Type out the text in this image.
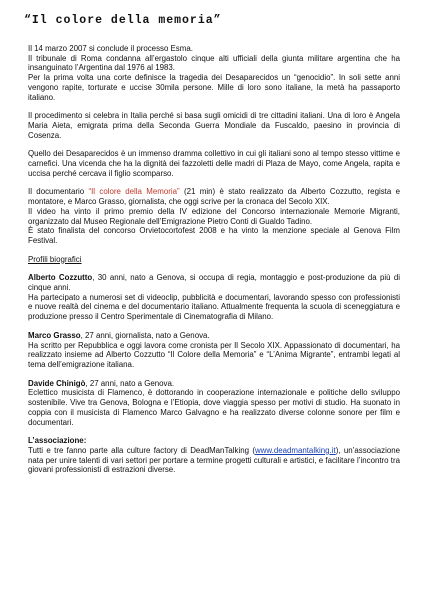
“Il colore della memoria”

Il 14 marzo 2007 si conclude il processo Esma.

Il tribunale di Roma condanna all’ergastolo cinque alti ufficiali della giunta militare argentina che ha insanguinato l’Argentina dal 1976 al 1983.

Per la prima volta una corte definisce la tragedia dei Desaparecidos un “genocidio”. In soli sette anni vengono rapite, torturate e uccise 30mila persone. Mille di loro sono italiane, la metà ha passaporto italiano.

Il procedimento si celebra in Italia perché si basa sugli omicidi di tre cittadini italiani. Una di loro è Angela Maria Aieta, emigrata prima della Seconda Guerra Mondiale da Fuscaldo, paesino in provincia di Cosenza.

Quello dei Desaparecidos è un immenso dramma collettivo in cui gli italiani sono al tempo stesso vittime e carnefici. Una vicenda che ha la dignità dei fazzoletti delle madri di Plaza de Mayo, come Angela, rapita e uccisa perché cercava il figlio scomparso.

Il documentario “Il colore della Memoria” (21 min) è stato realizzato da Alberto Cozzutto, regista e montatore, e Marco Grasso, giornalista, che oggi scrive per la cronaca del Secolo XIX.

Il video ha vinto il primo premio della IV edizione del Concorso internazionale Memorie Migranti, organizzato dal Museo Regionale dell’Emigrazione Pietro Conti di Gualdo Tadino.

È stato finalista del concorso Orvietocortofest 2008 e ha vinto la menzione speciale al Genova Film Festival.

Profili biografici

Alberto Cozzutto, 30 anni, nato a Genova, si occupa di regia, montaggio e post-produzione da più di cinque anni.

Ha partecipato a numerosi set di videoclip, pubblicità e documentari, lavorando spesso con professionisti e nuove realtà del cinema e del documentario italiano. Attualmente frequenta la scuola di sceneggiatura e produzione presso il Centro Sperimentale di Cinematografia di Milano.

Marco Grasso, 27 anni, giornalista, nato a Genova.

Ha scritto per Repubblica e oggi lavora come cronista per Il Secolo XIX. Appassionato di documentari, ha realizzato insieme ad Alberto Cozzutto “Il Colore della Memoria” e “L’Anima Migrante”, entrambi legati al tema dell’emigrazione italiana.

Davide Chinigò, 27 anni, nato a Genova.

Eclettico musicista di Flamenco, è dottorando in cooperazione internazionale e politiche dello sviluppo sostenibile. Vive tra Genova, Bologna e l’Etiopia, dove viaggia spesso per motivi di studio. Ha suonato in coppia con il musicista di Flamenco Marco Galvagno e ha realizzato diverse colonne sonore per film e documentari.

L’associazione:

Tutti e tre fanno parte alla culture factory di DeadManTalking (www.deadmantalking.it), un’associazione nata per unire talenti di vari settori per portare a termine progetti culturali e artistici, e facilitare l’incontro tra giovani professionisti di estrazioni diverse.
